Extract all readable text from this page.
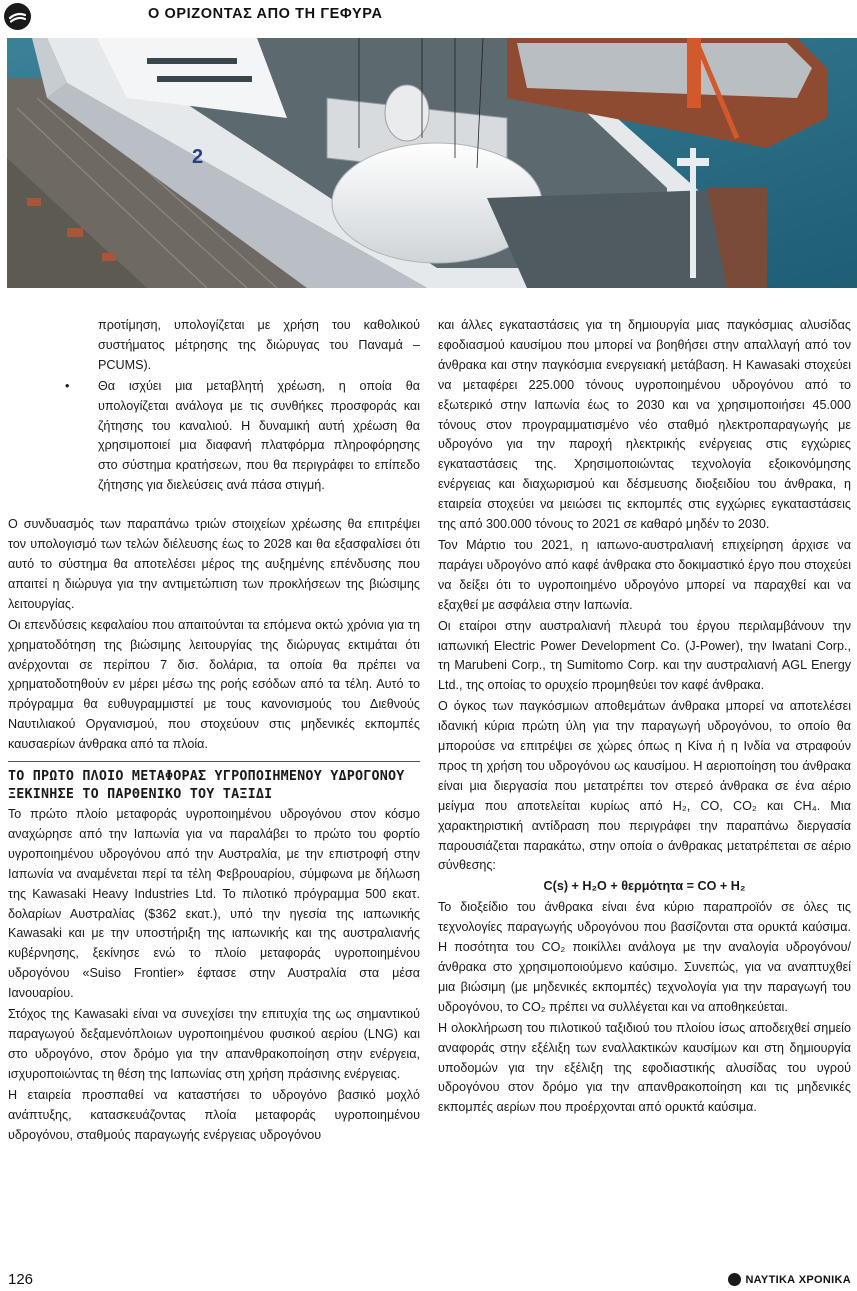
Ο ΟΡΙΖΟΝΤΑΣ ΑΠΟ ΤΗ ΓΕΦΥΡΑ
2

προτίμηση, υπολογίζεται με χρήση του καθολικού συστήματος μέτρησης της διώρυγας του Παναμά – PCUMS).

• Θα ισχύει μια μεταβλητή χρέωση, η οποία θα υπολογίζεται ανάλογα με τις συνθήκες προσφοράς και ζήτησης του καναλιού. Η δυναμική αυτή χρέωση θα χρησιμοποιεί μια διαφανή πλατφόρμα πληροφόρησης στο σύστημα κρατήσεων, που θα περιγράφει το επίπεδο ζήτησης για διελεύσεις ανά πάσα στιγμή.

Ο συνδυασμός των παραπάνω τριών στοιχείων χρέωσης θα επιτρέψει τον υπολογισμό των τελών διέλευσης έως το 2028 και θα εξασφαλίσει ότι αυτό το σύστημα θα αποτελέσει μέρος της αυξημένης επένδυσης που απαιτεί η διώρυγα για την αντιμετώπιση των προκλήσεων της βιώσιμης λειτουργίας.

Οι επενδύσεις κεφαλαίου που απαιτούνται τα επόμενα οκτώ χρόνια για τη χρηματοδότηση της βιώσιμης λειτουργίας της διώρυγας εκτιμάται ότι ανέρχονται σε περίπου 7 δισ. δολάρια, τα οποία θα πρέπει να χρηματοδοτηθούν εν μέρει μέσω της ροής εσόδων από τα τέλη. Αυτό το πρόγραμμα θα ευθυγραμμιστεί με τους κανονισμούς του Διεθνούς Ναυτιλιακού Οργανισμού, που στοχεύουν στις μηδενικές εκπομπές καυσαερίων άνθρακα από τα πλοία.

ΤΟ ΠΡΩΤΟ ΠΛΟΙΟ ΜΕΤΑΦΟΡΑΣ ΥΓΡΟΠΟΙΗΜΕΝΟΥ ΥΔΡΟΓΟΝΟΥ ΞΕΚΙΝΗΣΕ ΤΟ ΠΑΡΘΕΝΙΚΟ ΤΟΥ ΤΑΞΙΔΙ

Το πρώτο πλοίο μεταφοράς υγροποιημένου υδρογόνου στον κόσμο αναχώρησε από την Ιαπωνία για να παραλάβει το πρώτο του φορτίο υγροποιημένου υδρογόνου από την Αυστραλία, με την επιστροφή στην Ιαπωνία να αναμένεται περί τα τέλη Φεβρουαρίου, σύμφωνα με δήλωση της Kawasaki Heavy Industries Ltd. Το πιλοτικό πρόγραμμα 500 εκατ. δολαρίων Αυστραλίας ($362 εκατ.), υπό την ηγεσία της ιαπωνικής Kawasaki και με την υποστήριξη της ιαπωνικής και της αυστραλιανής κυβέρνησης, ξεκίνησε ενώ το πλοίο μεταφοράς υγροποιημένου υδρογόνου «Suiso Frontier» έφτασε στην Αυστραλία στα μέσα Ιανουαρίου.

Στόχος της Kawasaki είναι να συνεχίσει την επιτυχία της ως σημαντικού παραγωγού δεξαμενόπλοιων υγροποιημένου φυσικού αερίου (LNG) και στο υδρογόνο, στον δρόμο για την απανθρακοποίηση στην ενέργεια, ισχυροποιώντας τη θέση της Ιαπωνίας στη χρήση πράσινης ενέργειας.

Η εταιρεία προσπαθεί να καταστήσει το υδρογόνο βασικό μοχλό ανάπτυξης, κατασκευάζοντας πλοία μεταφοράς υγροποιημένου υδρογόνου, σταθμούς παραγωγής ενέργειας υδρογόνου

και άλλες εγκαταστάσεις για τη δημιουργία μιας παγκόσμιας αλυσίδας εφοδιασμού καυσίμου που μπορεί να βοηθήσει στην απαλλαγή από τον άνθρακα και στην παγκόσμια ενεργειακή μετάβαση. Η Kawasaki στοχεύει να μεταφέρει 225.000 τόνους υγροποιημένου υδρογόνου από το εξωτερικό στην Ιαπωνία έως το 2030 και να χρησιμοποιήσει 45.000 τόνους στον προγραμματισμένο νέο σταθμό ηλεκτροπαραγωγής με υδρογόνο για την παροχή ηλεκτρικής ενέργειας στις εγχώριες εγκαταστάσεις της. Χρησιμοποιώντας τεχνολογία εξοικονόμησης ενέργειας και διαχωρισμού και δέσμευσης διοξειδίου του άνθρακα, η εταιρεία στοχεύει να μειώσει τις εκπομπές στις εγχώριες εγκαταστάσεις της από 300.000 τόνους το 2021 σε καθαρό μηδέν το 2030.

Τον Μάρτιο του 2021, η ιαπωνο-αυστραλιανή επιχείρηση άρχισε να παράγει υδρογόνο από καφέ άνθρακα στο δοκιμαστικό έργο που στοχεύει να δείξει ότι το υγροποιημένο υδρογόνο μπορεί να παραχθεί και να εξαχθεί με ασφάλεια στην Ιαπωνία.

Οι εταίροι στην αυστραλιανή πλευρά του έργου περιλαμβάνουν την ιαπωνική Electric Power Development Co. (J-Power), την Iwatani Corp., τη Marubeni Corp., τη Sumitomo Corp. και την αυστραλιανή AGL Energy Ltd., της οποίας το ορυχείο προμηθεύει τον καφέ άνθρακα.

Ο όγκος των παγκόσμιων αποθεμάτων άνθρακα μπορεί να αποτελέσει ιδανική κύρια πρώτη ύλη για την παραγωγή υδρογόνου, το οποίο θα μπορούσε να επιτρέψει σε χώρες όπως η Κίνα ή η Ινδία να στραφούν προς τη χρήση του υδρογόνου ως καυσίμου. Η αεριοποίηση του άνθρακα είναι μια διεργασία που μετατρέπει τον στερεό άνθρακα σε ένα αέριο μείγμα που αποτελείται κυρίως από H₂, CO, CO₂ και CH₄. Μια χαρακτηριστική αντίδραση που περιγράφει την παραπάνω διεργασία παρουσιάζεται παρακάτω, στην οποία ο άνθρακας μετατρέπεται σε αέριο σύνθεσης:

C(s) + H₂O + θερμότητα = CO + H₂

Το διοξείδιο του άνθρακα είναι ένα κύριο παραπροϊόν σε όλες τις τεχνολογίες παραγωγής υδρογόνου που βασίζονται στα ορυκτά καύσιμα. Η ποσότητα του CO₂ ποικίλλει ανάλογα με την αναλογία υδρογόνου/άνθρακα στο χρησιμοποιούμενο καύσιμο. Συνεπώς, για να αναπτυχθεί μια βιώσιμη (με μηδενικές εκπομπές) τεχνολογία για την παραγωγή του υδρογόνου, το CO₂ πρέπει να συλλέγεται και να αποθηκεύεται.

Η ολοκλήρωση του πιλοτικού ταξιδιού του πλοίου ίσως αποδειχθεί σημείο αναφοράς στην εξέλιξη των εναλλακτικών καυσίμων και στη δημιουργία υποδομών για την εξέλιξη της εφοδιαστικής αλυσίδας του υγρού υδρογόνου στον δρόμο για την απανθρακοποίηση και τις μηδενικές εκπομπές αερίων που προέρχονται από ορυκτά καύσιμα.

126	ΝΑΥΤΙΚΑ ΧΡΟΝΙΚΑ
